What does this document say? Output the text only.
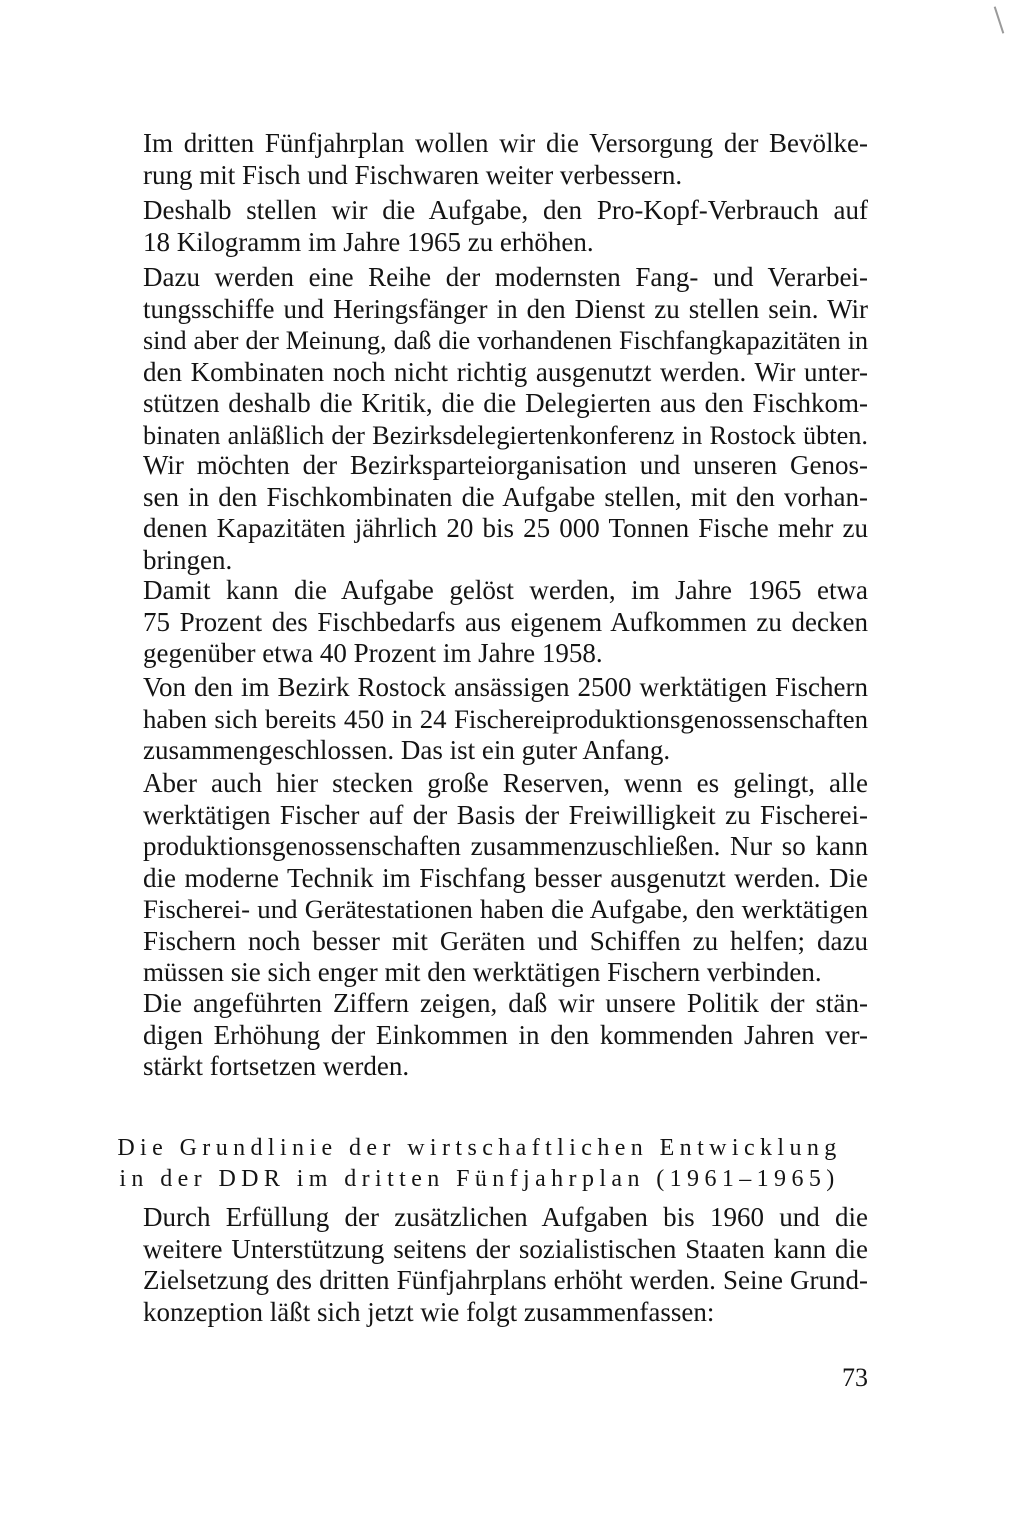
Im dritten Fünfjahrplan wollen wir die Versorgung der Bevölke-
rung mit Fisch und Fischwaren weiter verbessern.

Deshalb stellen wir die Aufgabe, den Pro-Kopf-Verbrauch auf
18 Kilogramm im Jahre 1965 zu erhöhen.

Dazu werden eine Reihe der modernsten Fang- und Verarbei-
tungsschiffe und Heringsfänger in den Dienst zu stellen sein. Wir
sind aber der Meinung, daß die vorhandenen Fischfangkapazitäten in
den Kombinaten noch nicht richtig ausgenutzt werden. Wir unter-
stützen deshalb die Kritik, die die Delegierten aus den Fischkom-
binaten anläßlich der Bezirksdelegiertenkonferenz in Rostock übten.

Wir möchten der Bezirksparteiorganisation und unseren Genos-
sen in den Fischkombinaten die Aufgabe stellen, mit den vorhan-
denen Kapazitäten jährlich 20 bis 25 000 Tonnen Fische mehr zu
bringen.

Damit kann die Aufgabe gelöst werden, im Jahre 1965 etwa
75 Prozent des Fischbedarfs aus eigenem Aufkommen zu decken
gegenüber etwa 40 Prozent im Jahre 1958.

Von den im Bezirk Rostock ansässigen 2500 werktätigen Fischern
haben sich bereits 450 in 24 Fischereiproduktionsgenossenschaften
zusammengeschlossen. Das ist ein guter Anfang.

Aber auch hier stecken große Reserven, wenn es gelingt, alle
werktätigen Fischer auf der Basis der Freiwilligkeit zu Fischerei-
produktionsgenossenschaften zusammenzuschließen. Nur so kann
die moderne Technik im Fischfang besser ausgenutzt werden. Die
Fischerei- und Gerätestationen haben die Aufgabe, den werktätigen
Fischern noch besser mit Geräten und Schiffen zu helfen; dazu
müssen sie sich enger mit den werktätigen Fischern verbinden.

Die angeführten Ziffern zeigen, daß wir unsere Politik der stän-
digen Erhöhung der Einkommen in den kommenden Jahren ver-
stärkt fortsetzen werden.

Die Grundlinie der wirtschaftlichen Entwicklung
in der DDR im dritten Fünfjahrplan (1961–1965)

Durch Erfüllung der zusätzlichen Aufgaben bis 1960 und die
weitere Unterstützung seitens der sozialistischen Staaten kann die
Zielsetzung des dritten Fünfjahrplans erhöht werden. Seine Grund-
konzeption läßt sich jetzt wie folgt zusammenfassen:

73
